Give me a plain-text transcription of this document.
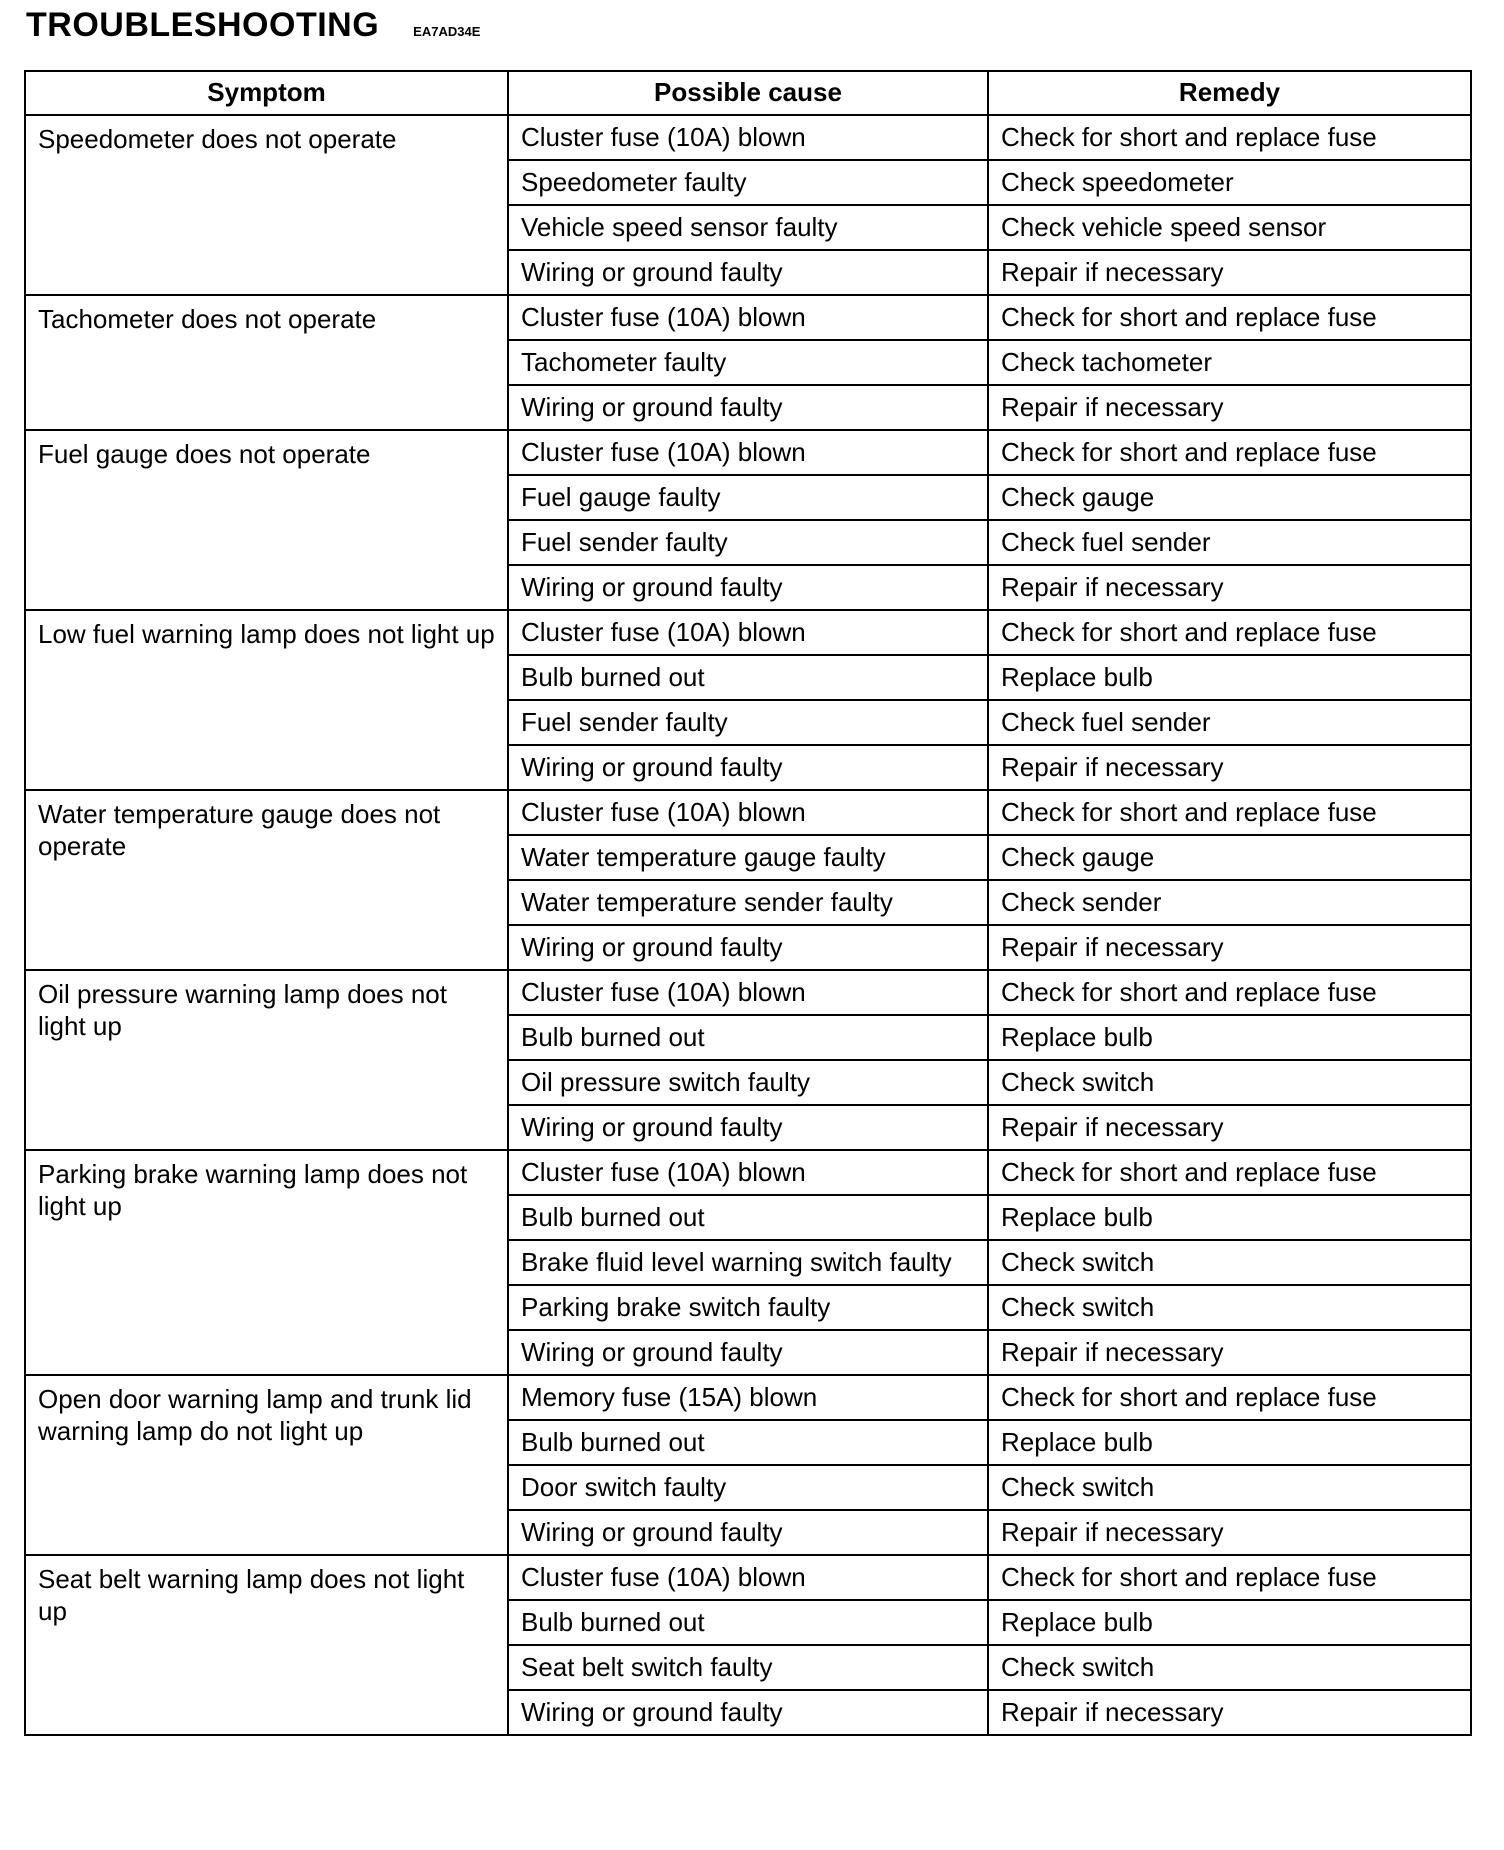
TROUBLESHOOTING	EA7AD34E
Symptom	Possible cause	Remedy
Speedometer does not operate	Cluster fuse (10A) blown	Check for short and replace fuse
	Speedometer faulty	Check speedometer
	Vehicle speed sensor faulty	Check vehicle speed sensor
	Wiring or ground faulty	Repair if necessary
Tachometer does not operate	Cluster fuse (10A) blown	Check for short and replace fuse
	Tachometer faulty	Check tachometer
	Wiring or ground faulty	Repair if necessary
Fuel gauge does not operate	Cluster fuse (10A) blown	Check for short and replace fuse
	Fuel gauge faulty	Check gauge
	Fuel sender faulty	Check fuel sender
	Wiring or ground faulty	Repair if necessary
Low fuel warning lamp does not light up	Cluster fuse (10A) blown	Check for short and replace fuse
	Bulb burned out	Replace bulb
	Fuel sender faulty	Check fuel sender
	Wiring or ground faulty	Repair if necessary
Water temperature gauge does not operate	Cluster fuse (10A) blown	Check for short and replace fuse
	Water temperature gauge faulty	Check gauge
	Water temperature sender faulty	Check sender
	Wiring or ground faulty	Repair if necessary
Oil pressure warning lamp does not light up	Cluster fuse (10A) blown	Check for short and replace fuse
	Bulb burned out	Replace bulb
	Oil pressure switch faulty	Check switch
	Wiring or ground faulty	Repair if necessary
Parking brake warning lamp does not light up	Cluster fuse (10A) blown	Check for short and replace fuse
	Bulb burned out	Replace bulb
	Brake fluid level warning switch faulty	Check switch
	Parking brake switch faulty	Check switch
	Wiring or ground faulty	Repair if necessary
Open door warning lamp and trunk lid warning lamp do not light up	Memory fuse (15A) blown	Check for short and replace fuse
	Bulb burned out	Replace bulb
	Door switch faulty	Check switch
	Wiring or ground faulty	Repair if necessary
Seat belt warning lamp does not light up	Cluster fuse (10A) blown	Check for short and replace fuse
	Bulb burned out	Replace bulb
	Seat belt switch faulty	Check switch
	Wiring or ground faulty	Repair if necessary
